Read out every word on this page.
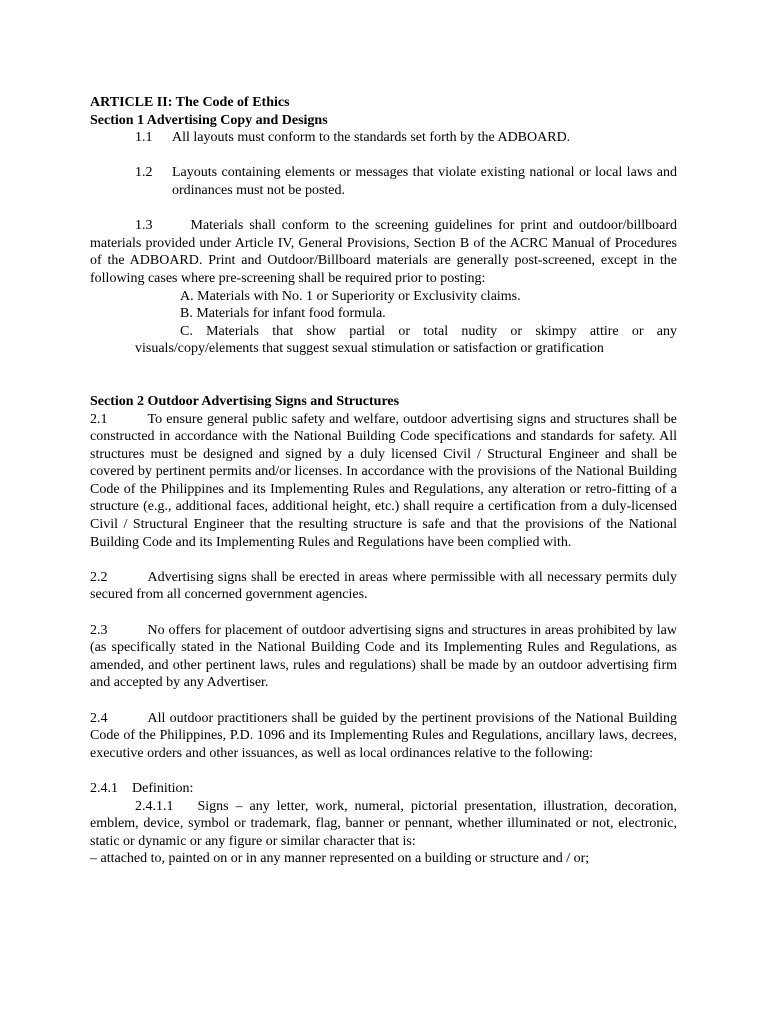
ARTICLE II: The Code of Ethics

Section 1 Advertising Copy and Designs

1.1	All layouts must conform to the standards set forth by the ADBOARD.
1.2	Layouts containing elements or messages that violate existing national or local laws and ordinances must not be posted.

1.3	Materials shall conform to the screening guidelines for print and outdoor/billboard materials provided under Article IV, General Provisions, Section B of the ACRC Manual of Procedures of the ADBOARD. Print and Outdoor/Billboard materials are generally post-screened, except in the following cases where pre-screening shall be required prior to posting:

A. Materials with No. 1 or Superiority or Exclusivity claims.

B. Materials for infant food formula.

C. Materials that show partial or total nudity or skimpy attire or any

visuals/copy/elements that suggest sexual stimulation or satisfaction or gratification

Section 2 Outdoor Advertising Signs and Structures

2.1	To ensure general public safety and welfare, outdoor advertising signs and structures shall be constructed in accordance with the National Building Code specifications and standards for safety. All structures must be designed and signed by a duly licensed Civil / Structural Engineer and shall be covered by pertinent permits and/or licenses. In accordance with the provisions of the National Building Code of the Philippines and its Implementing Rules and Regulations, any alteration or retro-fitting of a structure (e.g., additional faces, additional height, etc.) shall require a certification from a duly-licensed Civil / Structural Engineer that the resulting structure is safe and that the provisions of the National Building Code and its Implementing Rules and Regulations have been complied with.

2.2	Advertising signs shall be erected in areas where permissible with all necessary permits duly secured from all concerned government agencies.

2.3	No offers for placement of outdoor advertising signs and structures in areas prohibited by law (as specifically stated in the National Building Code and its Implementing Rules and Regulations, as amended, and other pertinent laws, rules and regulations) shall be made by an outdoor advertising firm and accepted by any Advertiser.

2.4	All outdoor practitioners shall be guided by the pertinent provisions of the National Building Code of the Philippines, P.D. 1096 and its Implementing Rules and Regulations, ancillary laws, decrees, executive orders and other issuances, as well as local ordinances relative to the following:

2.4.1 Definition:

2.4.1.1 Signs – any letter, work, numeral, pictorial presentation, illustration, decoration, emblem, device, symbol or trademark, flag, banner or pennant, whether illuminated or not, electronic, static or dynamic or any figure or similar character that is:

– attached to, painted on or in any manner represented on a building or structure and / or;
